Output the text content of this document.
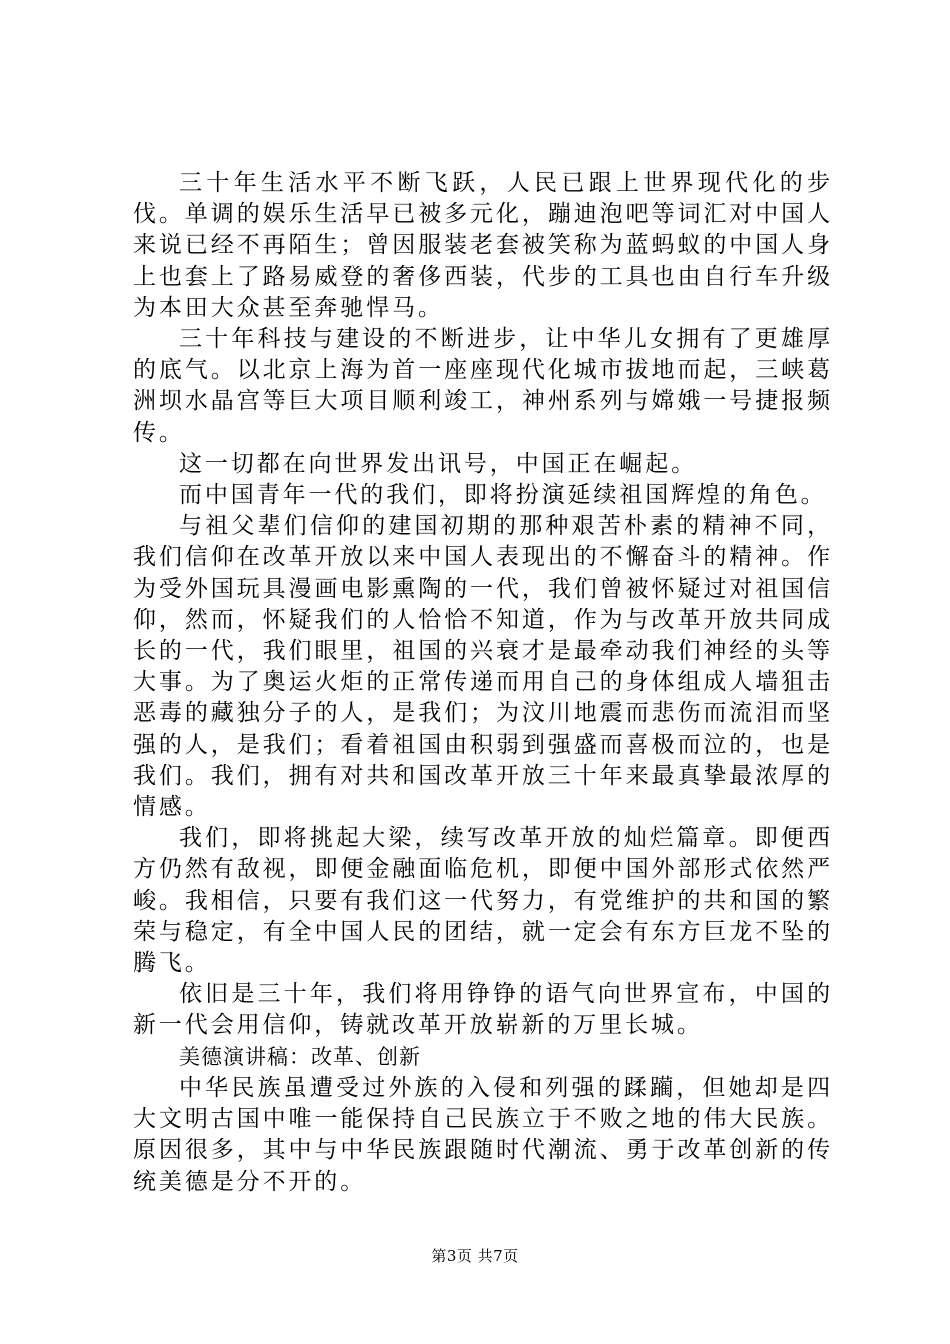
三十年生活水平不断飞跃，人民已跟上世界现代化的步伐。单调的娱乐生活早已被多元化，蹦迪泡吧等词汇对中国人来说已经不再陌生；曾因服装老套被笑称为蓝蚂蚁的中国人身上也套上了路易威登的奢侈西装，代步的工具也由自行车升级为本田大众甚至奔驰悍马。

三十年科技与建设的不断进步，让中华儿女拥有了更雄厚的底气。以北京上海为首一座座现代化城市拔地而起，三峡葛洲坝水晶宫等巨大项目顺利竣工，神州系列与嫦娥一号捷报频传。

这一切都在向世界发出讯号，中国正在崛起。

而中国青年一代的我们，即将扮演延续祖国辉煌的角色。

与祖父辈们信仰的建国初期的那种艰苦朴素的精神不同，我们信仰在改革开放以来中国人表现出的不懈奋斗的精神。作为受外国玩具漫画电影熏陶的一代，我们曾被怀疑过对祖国信仰，然而，怀疑我们的人恰恰不知道，作为与改革开放共同成长的一代，我们眼里，祖国的兴衰才是最牵动我们神经的头等大事。为了奥运火炬的正常传递而用自己的身体组成人墙狙击恶毒的藏独分子的人，是我们；为汶川地震而悲伤而流泪而坚强的人，是我们；看着祖国由积弱到强盛而喜极而泣的，也是我们。我们，拥有对共和国改革开放三十年来最真挚最浓厚的情感。

我们，即将挑起大梁，续写改革开放的灿烂篇章。即便西方仍然有敌视，即便金融面临危机，即便中国外部形式依然严峻。我相信，只要有我们这一代努力，有党维护的共和国的繁荣与稳定，有全中国人民的团结，就一定会有东方巨龙不坠的腾飞。

依旧是三十年，我们将用铮铮的语气向世界宣布，中国的新一代会用信仰，铸就改革开放崭新的万里长城。

美德演讲稿：改革、创新

中华民族虽遭受过外族的入侵和列强的蹂躏，但她却是四大文明古国中唯一能保持自己民族立于不败之地的伟大民族。原因很多，其中与中华民族跟随时代潮流、勇于改革创新的传统美德是分不开的。

第3页 共7页
